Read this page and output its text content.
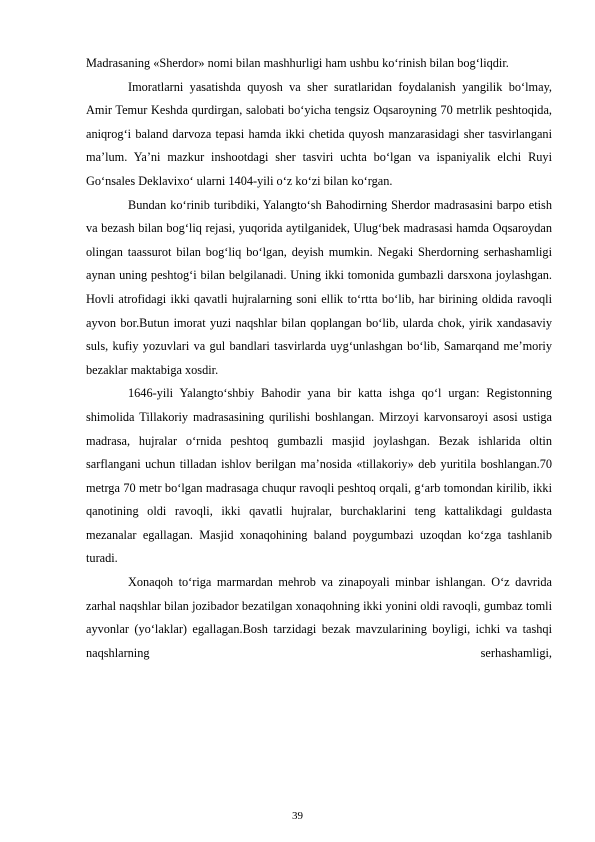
Madrasaning «Sherdor» nomi bilan mashhurligi ham ushbu ko‘rinish bilan bog‘liqdir.

Imoratlarni yasatishda quyosh va sher suratlaridan foydalanish yangilik bo‘lmay, Amir Temur Keshda qurdirgan, salobati bo‘yicha tengsiz Oqsaroyning 70 metrlik peshtoqida, aniqrog‘i baland darvoza tepasi hamda ikki chetida quyosh manzarasidagi sher tasvirlangani ma’lum. Ya’ni mazkur inshootdagi sher tasviri uchta bo‘lgan va ispaniyalik elchi Ruyi Go‘nsales Deklavixo‘ ularni 1404-yili o‘z ko‘zi bilan ko‘rgan.

Bundan ko‘rinib turibdiki, Yalangto‘sh Bahodirning Sherdor madrasasini barpo etish va bezash bilan bog‘liq rejasi, yuqorida aytilganidek, Ulug‘bek madrasasi hamda Oqsaroydan olingan taassurot bilan bog‘liq bo‘lgan, deyish mumkin. Negaki Sherdorning serhashamligi aynan uning peshtog‘i bilan belgilanadi. Uning ikki tomonida gumbazli darsxona joylashgan. Hovli atrofidagi ikki qavatli hujralarning soni ellik to‘rtta bo‘lib, har birining oldida ravoqli ayvon bor.Butun imorat yuzi naqshlar bilan qoplangan bo‘lib, ularda chok, yirik xandasaviy suls, kufiy yozuvlari va gul bandlari tasvirlarda uyg‘unlashgan bo‘lib, Samarqand me’moriy bezaklar maktabiga xosdir.

1646-yili Yalangto‘shbiy Bahodir yana bir katta ishga qo‘l urgan: Registonning shimolida Tillakoriy madrasasining qurilishi boshlangan. Mirzoyi karvonsaroyi asosi ustiga madrasa, hujralar o‘rnida peshtoq gumbazli masjid joylashgan. Bezak ishlarida oltin sarflangani uchun tilladan ishlov berilgan ma’nosida «tillakoriy» deb yuritila boshlangan.70 metrga 70 metr bo‘lgan madrasaga chuqur ravoqli peshtoq orqali, g‘arb tomondan kirilib, ikki qanotining oldi ravoqli, ikki qavatli hujralar, burchaklarini teng kattalikdagi guldasta mezanalar egallagan. Masjid xonaqohining baland poygumbazi uzoqdan ko‘zga tashlanib turadi.

Xonaqoh to‘riga marmardan mehrob va zinapoyali minbar ishlangan. O‘z davrida zarhal naqshlar bilan jozibador bezatilgan xonaqohning ikki yonini oldi ravoqli, gumbaz tomli ayvonlar (yo‘laklar) egallagan.Bosh tarzidagi bezak mavzularining boyligi, ichki va tashqi naqshlarning serhashamligi,

39
